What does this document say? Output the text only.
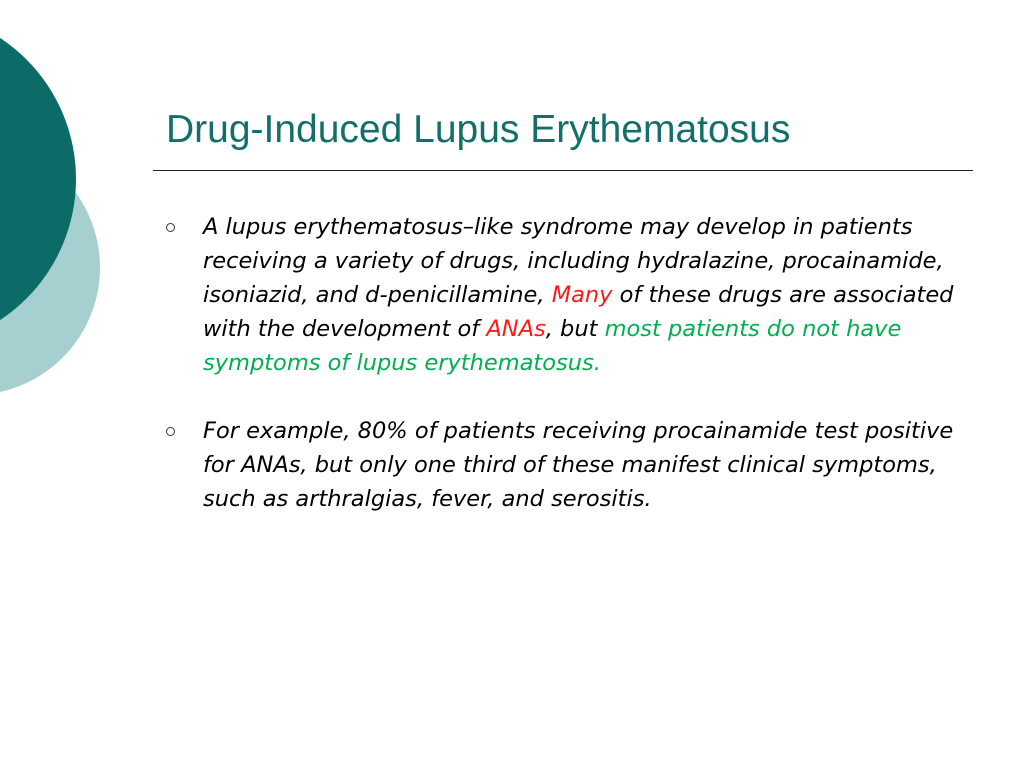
Drug-Induced Lupus Erythematosus
A lupus erythematosus–like syndrome may develop in patients receiving a variety of drugs, including hydralazine, procainamide, isoniazid, and d-penicillamine, Many of these drugs are associated with the development of ANAs, but most patients do not have symptoms of lupus erythematosus.
For example, 80% of patients receiving procainamide test positive for ANAs, but only one third of these manifest clinical symptoms, such as arthralgias, fever, and serositis.
